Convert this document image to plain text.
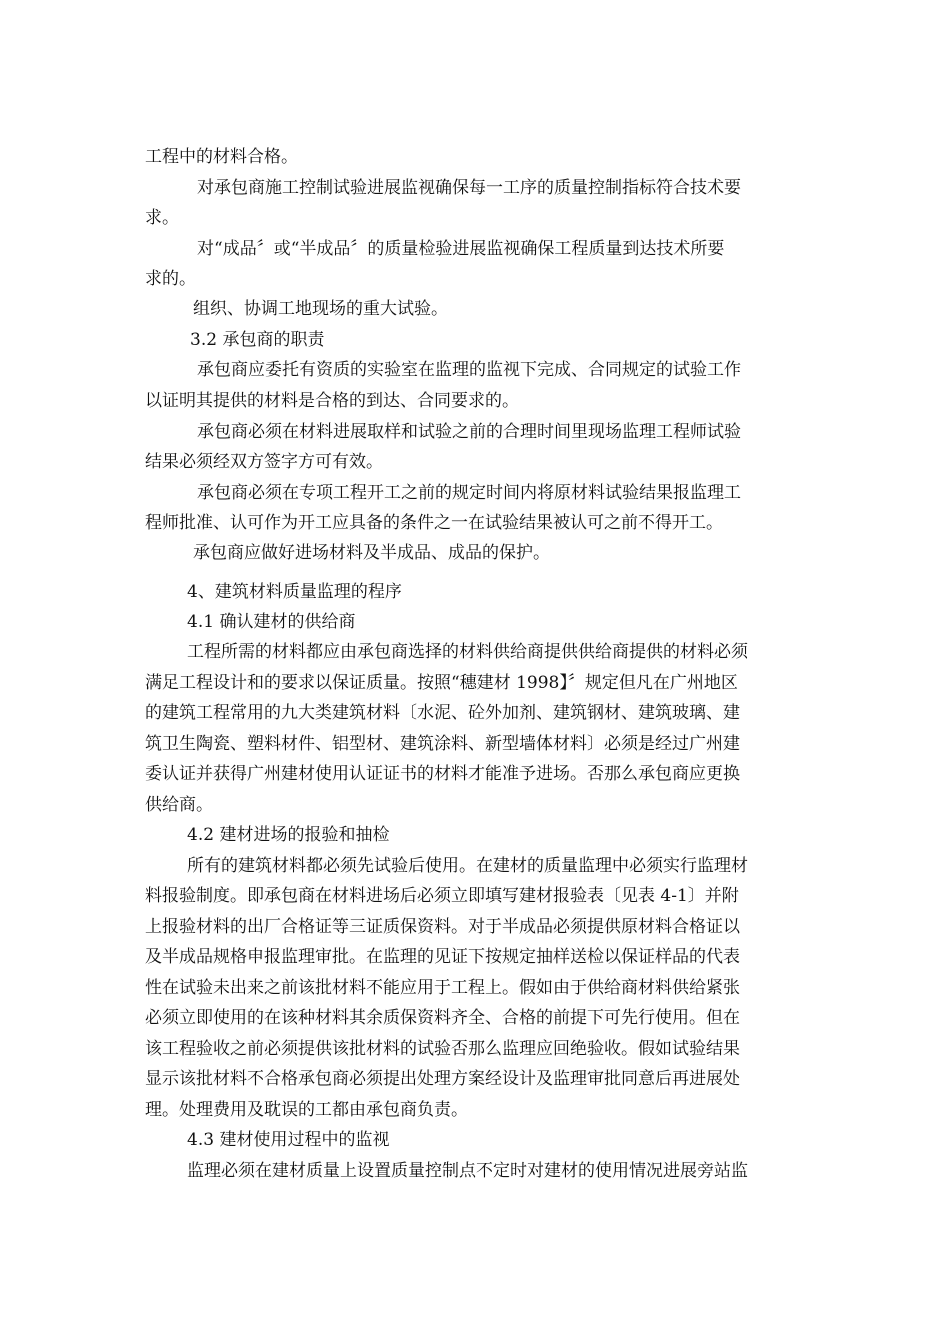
工程中的材料合格。
对承包商施工控制试验进展监视确保每一工序的质量控制指标符合技术要
求。
对“成品〞或“半成品〞的质量检验进展监视确保工程质量到达技术所要
求的。
组织、协调工地现场的重大试验。
3.2 承包商的职责
承包商应委托有资质的实验室在监理的监视下完成、合同规定的试验工作
以证明其提供的材料是合格的到达、合同要求的。
承包商必须在材料进展取样和试验之前的合理时间里现场监理工程师试验
结果必须经双方签字方可有效。
承包商必须在专项工程开工之前的规定时间内将原材料试验结果报监理工
程师批准、认可作为开工应具备的条件之一在试验结果被认可之前不得开工。
承包商应做好进场材料及半成品、成品的保护。
4、建筑材料质量监理的程序
4.1 确认建材的供给商
工程所需的材料都应由承包商选择的材料供给商提供供给商提供的材料必须
满足工程设计和的要求以保证质量。按照“穗建材 1998】〞规定但凡在广州地区
的建筑工程常用的九大类建筑材料〔水泥、砼外加剂、建筑钢材、建筑玻璃、建
筑卫生陶瓷、塑料材件、铝型材、建筑涂料、新型墙体材料〕必须是经过广州建
委认证并获得广州建材使用认证证书的材料才能准予进场。否那么承包商应更换
供给商。
4.2 建材进场的报验和抽检
所有的建筑材料都必须先试验后使用。在建材的质量监理中必须实行监理材
料报验制度。即承包商在材料进场后必须立即填写建材报验表〔见表 4-1〕并附
上报验材料的出厂合格证等三证质保资料。对于半成品必须提供原材料合格证以
及半成品规格申报监理审批。在监理的见证下按规定抽样送检以保证样品的代表
性在试验未出来之前该批材料不能应用于工程上。假如由于供给商材料供给紧张
必须立即使用的在该种材料其余质保资料齐全、合格的前提下可先行使用。但在
该工程验收之前必须提供该批材料的试验否那么监理应回绝验收。假如试验结果
显示该批材料不合格承包商必须提出处理方案经设计及监理审批同意后再进展处
理。处理费用及耽误的工都由承包商负责。
4.3 建材使用过程中的监视
监理必须在建材质量上设置质量控制点不定时对建材的使用情况进展旁站监
